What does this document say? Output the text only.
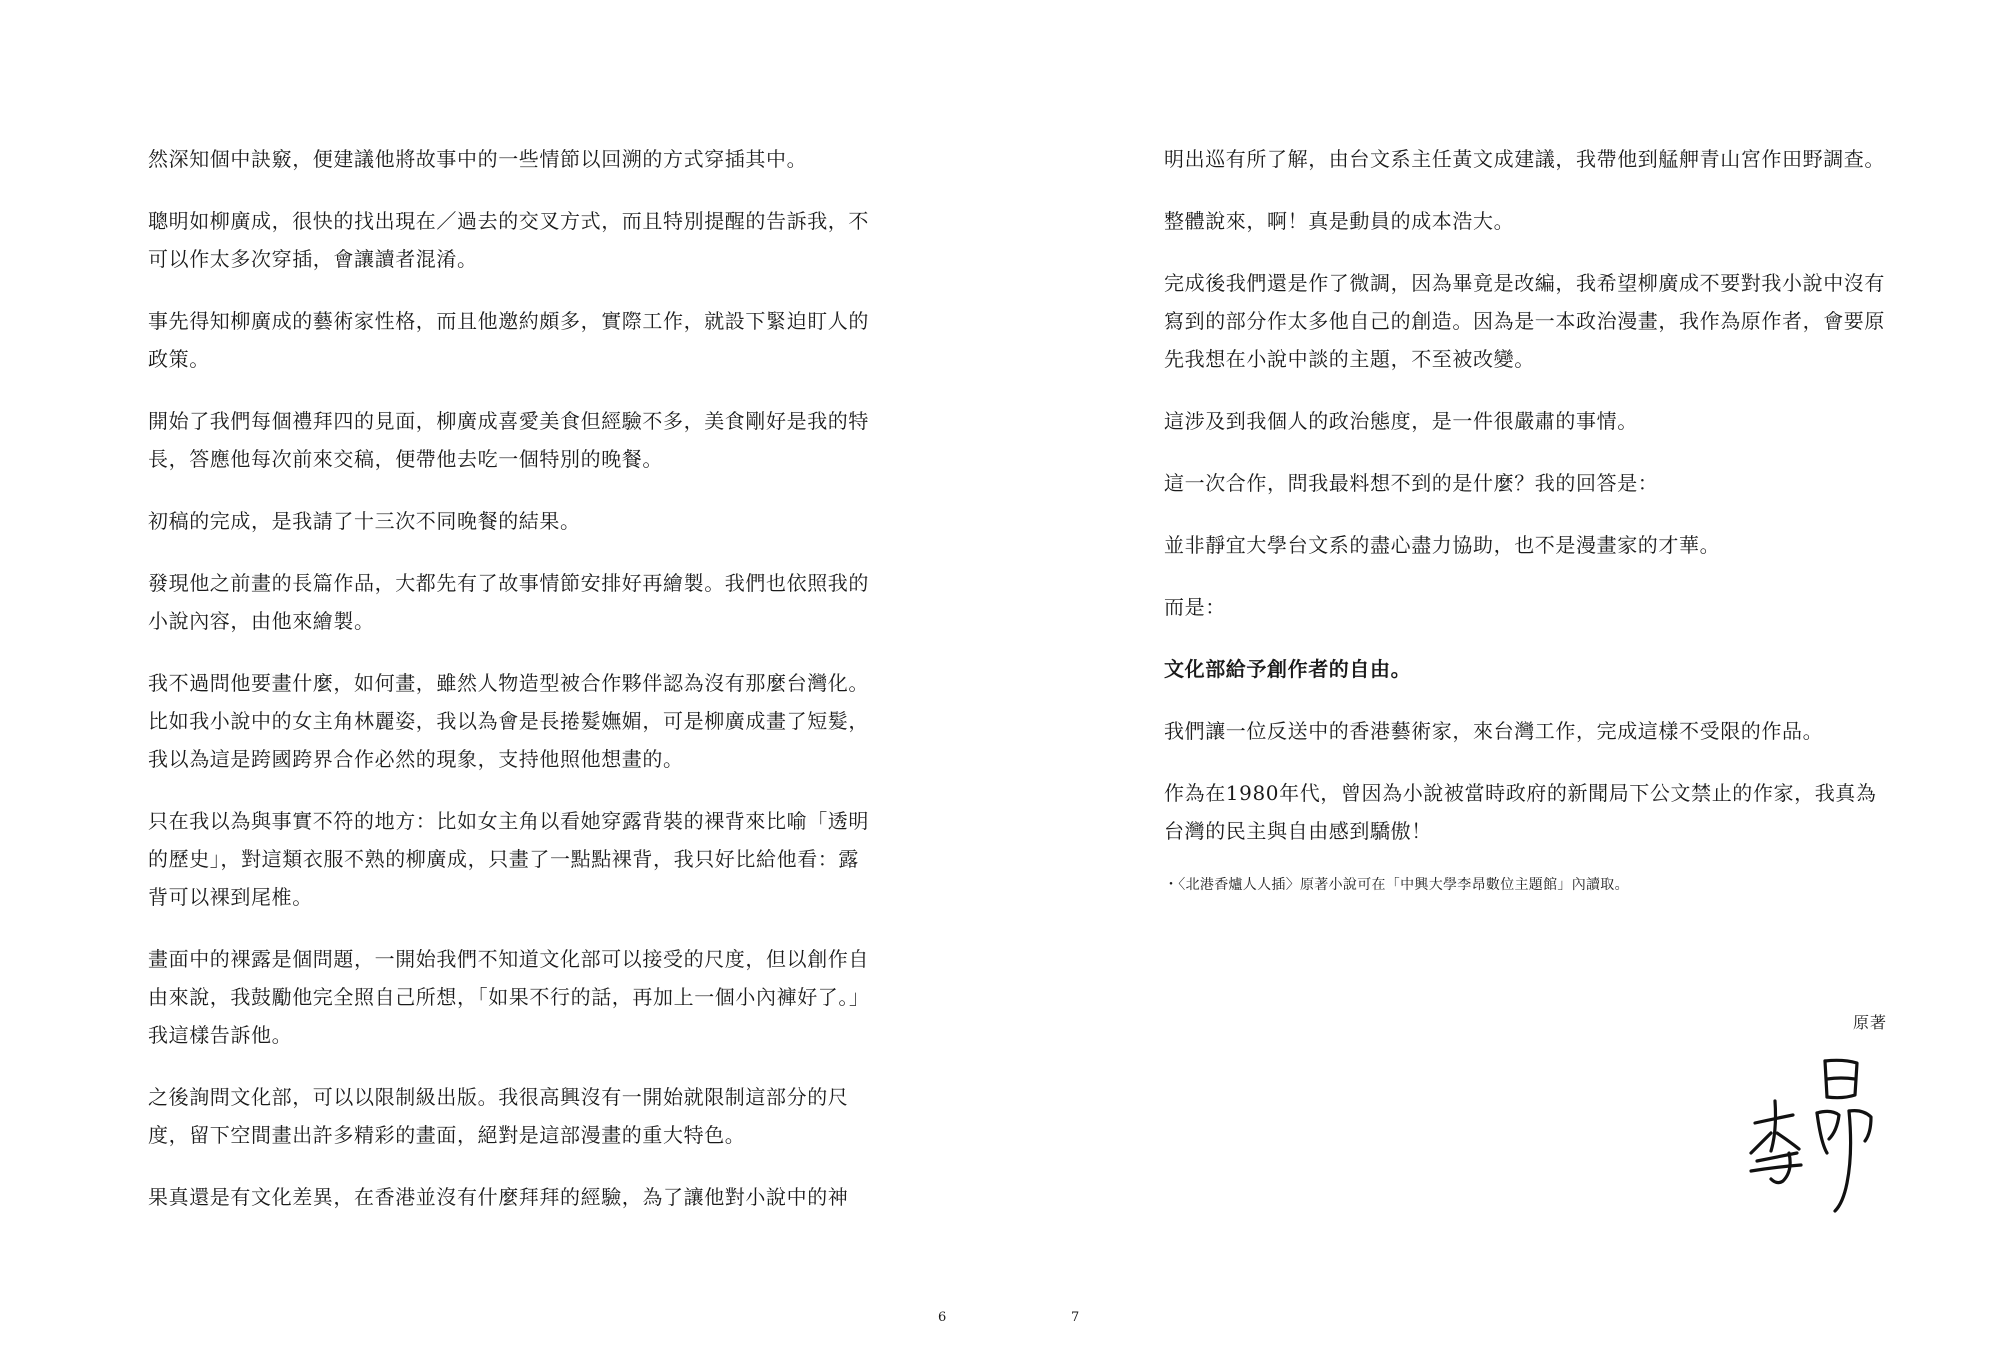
然深知個中訣竅，便建議他將故事中的一些情節以回溯的方式穿插其中。

聰明如柳廣成，很快的找出現在／過去的交叉方式，而且特別提醒的告訴我，不可以作太多次穿插，會讓讀者混淆。

事先得知柳廣成的藝術家性格，而且他邀約頗多，實際工作，就設下緊迫盯人的政策。

開始了我們每個禮拜四的見面，柳廣成喜愛美食但經驗不多，美食剛好是我的特長，答應他每次前來交稿，便帶他去吃一個特別的晚餐。

初稿的完成，是我請了十三次不同晚餐的結果。

發現他之前畫的長篇作品，大都先有了故事情節安排好再繪製。我們也依照我的小說內容，由他來繪製。

我不過問他要畫什麼，如何畫，雖然人物造型被合作夥伴認為沒有那麼台灣化。比如我小說中的女主角林麗姿，我以為會是長捲髮嫵媚，可是柳廣成畫了短髮，我以為這是跨國跨界合作必然的現象，支持他照他想畫的。

只在我以為與事實不符的地方：比如女主角以看她穿露背裝的裸背來比喻「透明的歷史」，對這類衣服不熟的柳廣成，只畫了一點點裸背，我只好比給他看：露背可以裸到尾椎。

畫面中的裸露是個問題，一開始我們不知道文化部可以接受的尺度，但以創作自由來說，我鼓勵他完全照自己所想，「如果不行的話，再加上一個小內褲好了。」我這樣告訴他。

之後詢問文化部，可以以限制級出版。我很高興沒有一開始就限制這部分的尺度，留下空間畫出許多精彩的畫面，絕對是這部漫畫的重大特色。

果真還是有文化差異，在香港並沒有什麼拜拜的經驗，為了讓他對小說中的神

6

明出巡有所了解，由台文系主任黃文成建議，我帶他到艋舺青山宮作田野調查。

整體說來，啊！真是動員的成本浩大。

完成後我們還是作了微調，因為畢竟是改編，我希望柳廣成不要對我小說中沒有寫到的部分作太多他自己的創造。因為是一本政治漫畫，我作為原作者，會要原先我想在小說中談的主題，不至被改變。

這涉及到我個人的政治態度，是一件很嚴肅的事情。

這一次合作，問我最料想不到的是什麼？我的回答是：

並非靜宜大學台文系的盡心盡力協助，也不是漫畫家的才華。

而是：

文化部給予創作者的自由。

我們讓一位反送中的香港藝術家，來台灣工作，完成這樣不受限的作品。

作為在1980年代，曾因為小說被當時政府的新聞局下公文禁止的作家，我真為台灣的民主與自由感到驕傲！

・〈北港香爐人人插〉原著小說可在「中興大學李昂數位主題館」內讀取。

原著
7
